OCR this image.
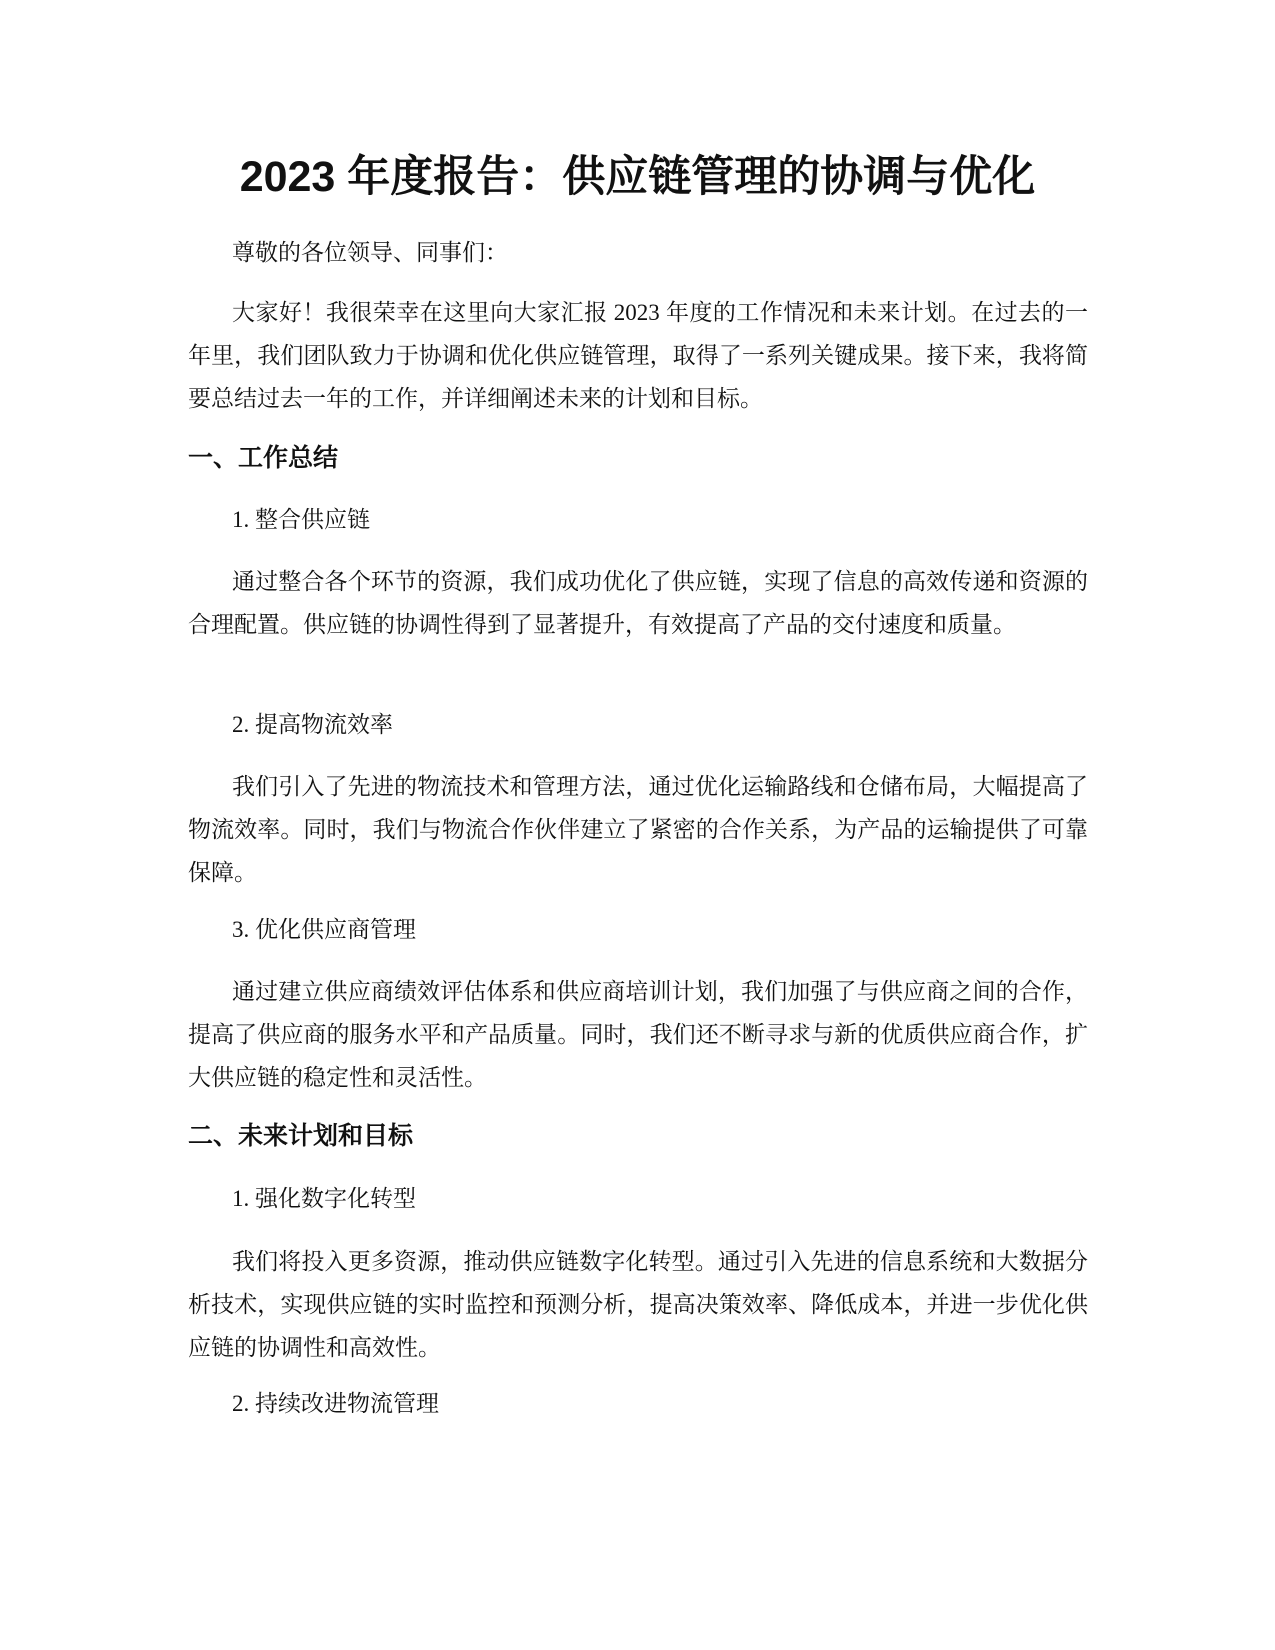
2023 年度报告：供应链管理的协调与优化

尊敬的各位领导、同事们：

大家好！我很荣幸在这里向大家汇报 2023 年度的工作情况和未来计划。在过去的一年里，我们团队致力于协调和优化供应链管理，取得了一系列关键成果。接下来，我将简要总结过去一年的工作，并详细阐述未来的计划和目标。

一、工作总结

1. 整合供应链

通过整合各个环节的资源，我们成功优化了供应链，实现了信息的高效传递和资源的合理配置。供应链的协调性得到了显著提升，有效提高了产品的交付速度和质量。

2. 提高物流效率

我们引入了先进的物流技术和管理方法，通过优化运输路线和仓储布局，大幅提高了物流效率。同时，我们与物流合作伙伴建立了紧密的合作关系，为产品的运输提供了可靠保障。

3. 优化供应商管理

通过建立供应商绩效评估体系和供应商培训计划，我们加强了与供应商之间的合作，提高了供应商的服务水平和产品质量。同时，我们还不断寻求与新的优质供应商合作，扩大供应链的稳定性和灵活性。

二、未来计划和目标

1. 强化数字化转型

我们将投入更多资源，推动供应链数字化转型。通过引入先进的信息系统和大数据分析技术，实现供应链的实时监控和预测分析，提高决策效率、降低成本，并进一步优化供应链的协调性和高效性。

2. 持续改进物流管理
